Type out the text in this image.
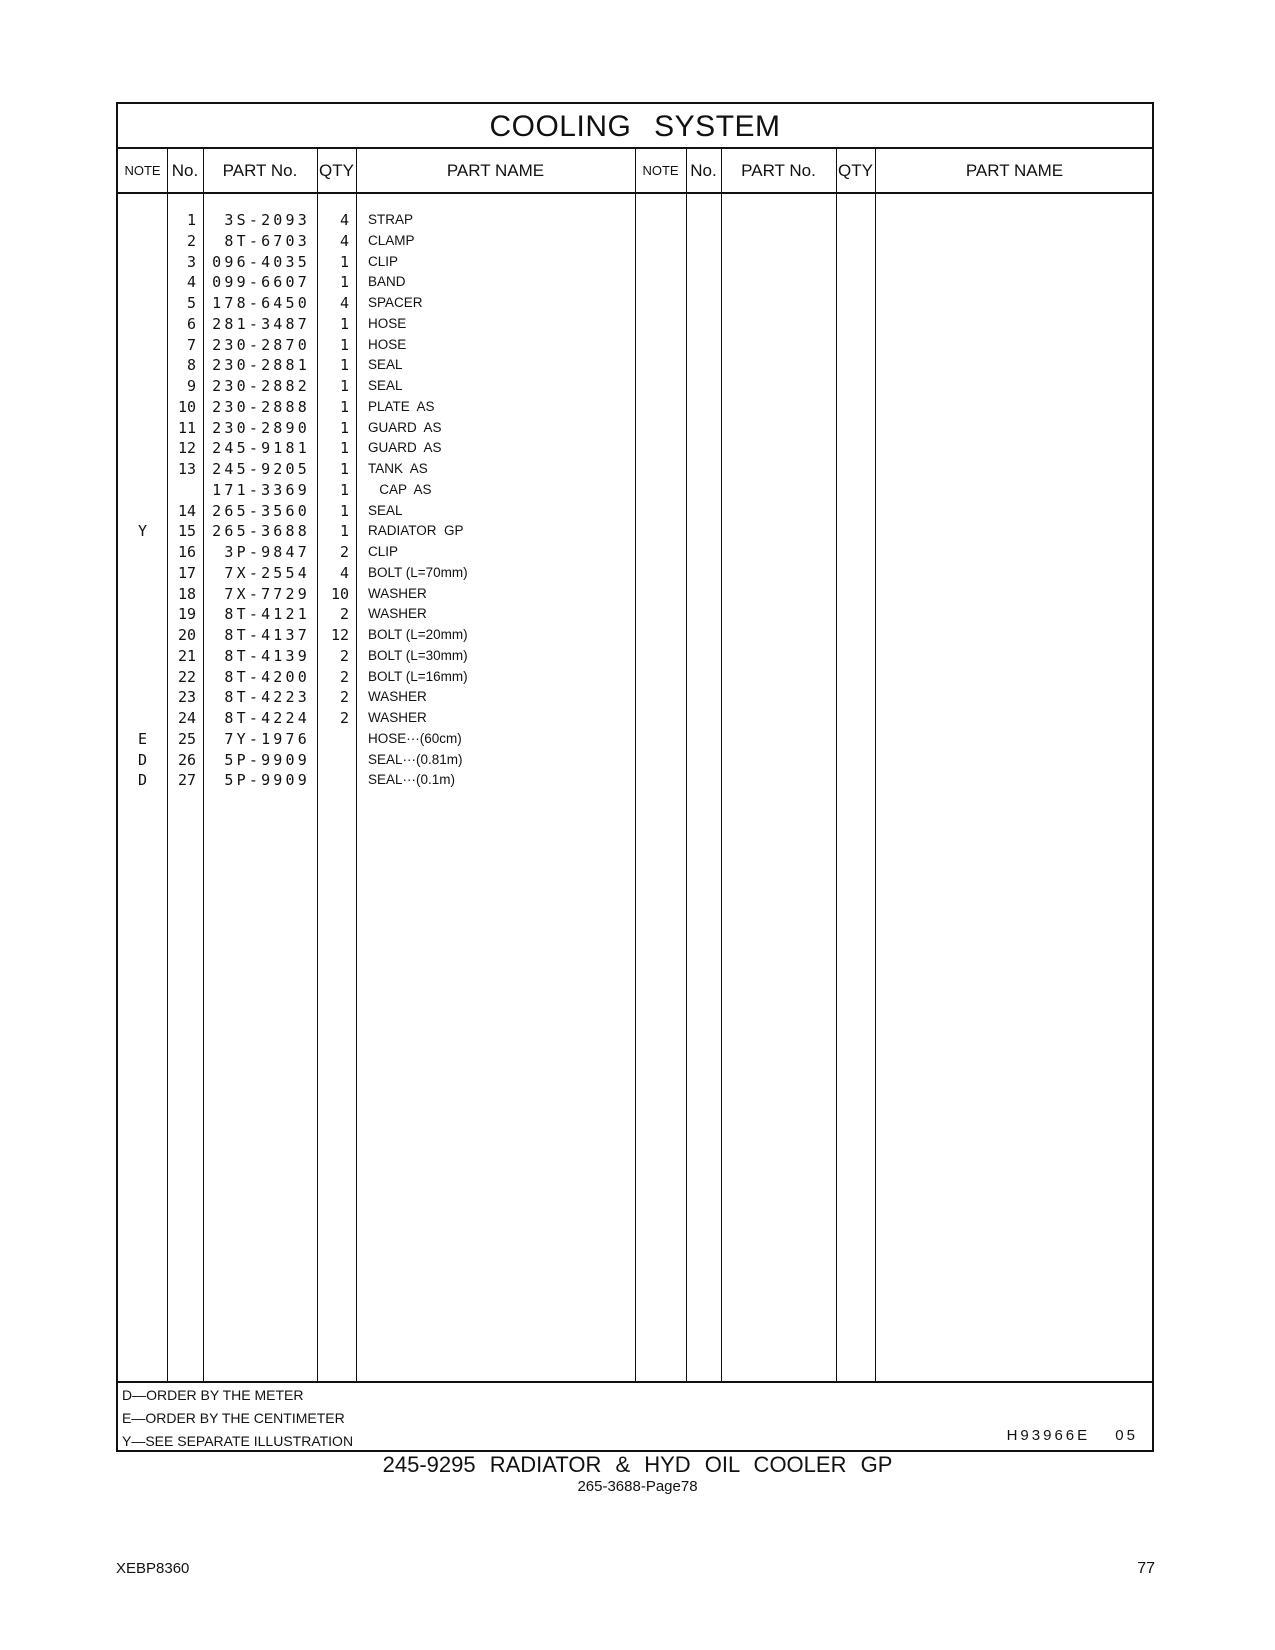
COOLING SYSTEM
NOTE No.	PART No.	QTY	PART NAME	NOTE No.	PART No.	QTY	PART NAME
1	3S-2093	4 STRAP
2	8T-6703	4 CLAMP
3	096-4035	1 CLIP
4	099-6607	1 BAND
5	178-6450	4 SPACER
6	281-3487	1 HOSE
7	230-2870	1 HOSE
8	230-2881	1 SEAL
9	230-2882	1 SEAL
10	230-2888	1 PLATE  AS
11	230-2890	1 GUARD  AS
12	245-9181	1 GUARD  AS
13	245-9205	1 TANK  AS
171-3369	1 CAP  AS
14	265-3560	1 SEAL
Y	15	265-3688	1 RADIATOR  GP
16	3P-9847	2 CLIP
17	7X-2554	4 BOLT (L=70mm)
18	7X-7729	10 WASHER
19	8T-4121	2 WASHER
20	8T-4137	12 BOLT (L=20mm)
21	8T-4139	2 BOLT (L=30mm)
22	8T-4200	2 BOLT (L=16mm)
23	8T-4223	2 WASHER
24	8T-4224	2 WASHER
E	25	7Y-1976	HOSE···(60cm)
D	26	5P-9909	SEAL···(0.81m)
D	27	5P-9909	SEAL···(0.1m)
D—ORDER BY THE METER
E—ORDER BY THE CENTIMETER
Y—SEE SEPARATE ILLUSTRATION	H93966E 05
245-9295 RADIATOR & HYD OIL COOLER GP
265-3688-Page78
XEBP8360	77
